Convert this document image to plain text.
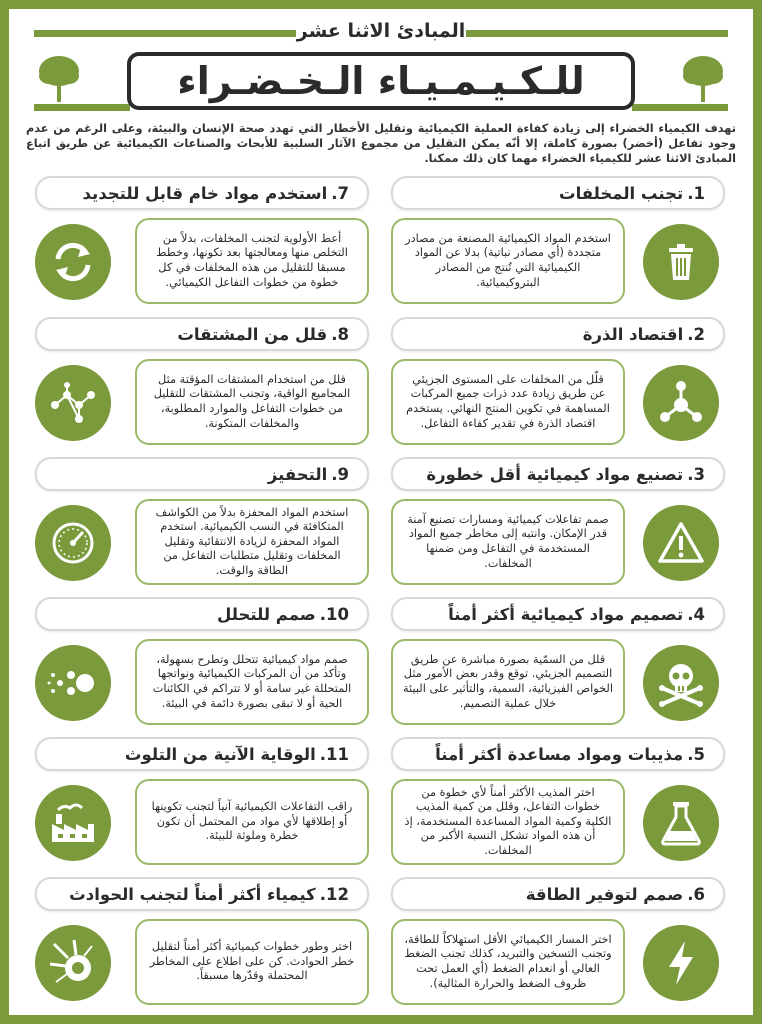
المبادئ الاثنا عشر
للـكـيـمـيـاء الـخـضـراء

تهدف الكيمياء الخضراء إلى زيادة كفاءة العملية الكيميائية وتقليل الأخطار التي تهدد صحة الإنسان والبيئة، وعلى الرغم من عدم وجود تفاعل (أخضر) بصورة كاملة، إلا أنّه يمكن التقليل من مجموع الآثار السلبية للأبحاث والصناعات الكيميائية عن طريق اتباع المبادئ الاثنا عشر للكيمياء الخضراء مهما كان ذلك ممكنا.

1.
تجنب المخلفات
استخدم المواد الكيميائية المصنعة من مصادر متجددة (أي مصادر نباتية) بدلا عن المواد الكيميائية التي تُنتج من المصادر البتروكيميائية.
2.
اقتصاد الذرة
قلّل من المخلفات على المستوى الجزيئي عن طريق زيادة عدد ذرات جميع المركبات المساهمة في تكوين المنتج النهائي. يستخدم اقتصاد الذرة في تقدير كفاءة التفاعل.
3.
تصنيع مواد كيميائية أقل خطورة
صمم تفاعلات كيميائية ومسارات تصنيع آمنة قدر الإمكان. وانتبه إلى مخاطر جميع المواد المستخدمة في التفاعل ومن ضمنها المخلفات.
4.
تصميم مواد كيميائية أكثر أمناً
قلل من السمّية بصورة مباشرة عن طريق التصميم الجزيئي. توقع وقدر بعض الأمور مثل الخواص الفيزيائية، السمية، والتأثير على البيئة خلال عملية التصميم.
5.
مذيبات ومواد مساعدة أكثر أمناً
اختر المذيب الأكثر أمناً لأي خطوة من خطوات التفاعل، وقلل من كمية المذيب الكلية وكمية المواد المساعدة المستخدمة، إذ أن هذه المواد تشكل النسبة الأكبر من المخلفات.
6.
صمم لتوفير الطاقة
اختر المسار الكيميائي الأقل استهلاكاً للطاقة، وتجنب التسخين والتبريد، كذلك تجنب الضغط العالي أو انعدام الضغط (أي العمل تحت ظروف الضغط والحرارة المثالية).
7.
استخدم مواد خام قابل للتجديد
أعط الأولوية لتجنب المخلفات، بدلاً من التخلص منها ومعالجتها بعد تكونها، وخطط مسبقا للتقليل من هذه المخلفات في كل خطوة من خطوات التفاعل الكيميائي.
8.
قلل من المشتقات
قلل من استخدام المشتقات المؤقتة مثل المجاميع الواقية، وتجنب المشتقات للتقليل من خطوات التفاعل والموارد المطلوبة، والمخلفات المتكونة.
9.
التحفيز
استخدم المواد المحفزة بدلاً من الكواشف المتكافئة في النسب الكيميائية. استخدم المواد المحفزة لزيادة الانتقائية وتقليل المخلفات وتقليل متطلبات التفاعل من الطاقة والوقت.
10.
صمم للتحلل
صمم مواد كيميائية تتحلل وتطرح بسهولة، وتأكد من أن المركبات الكيميائية ونواتجها المتحللة غير سامة أو لا تتراكم في الكائنات الحية أو لا تبقى بصورة دائمة في البيئة.
11.
الوقاية الآنية من التلوث
راقب التفاعلات الكيميائية آنياً لتجنب تكوينها أو إطلاقها لأي مواد من المحتمل أن تكون خطرة وملوثة للبيئة.
12.
كيمياء أكثر أمناً لتجنب الحوادث
اختر وطور خطوات كيميائية أكثر أمناً لتقليل خطر الحوادث. كن على اطلاع على المخاطر المحتملة وقدّرها مسبقاً.
